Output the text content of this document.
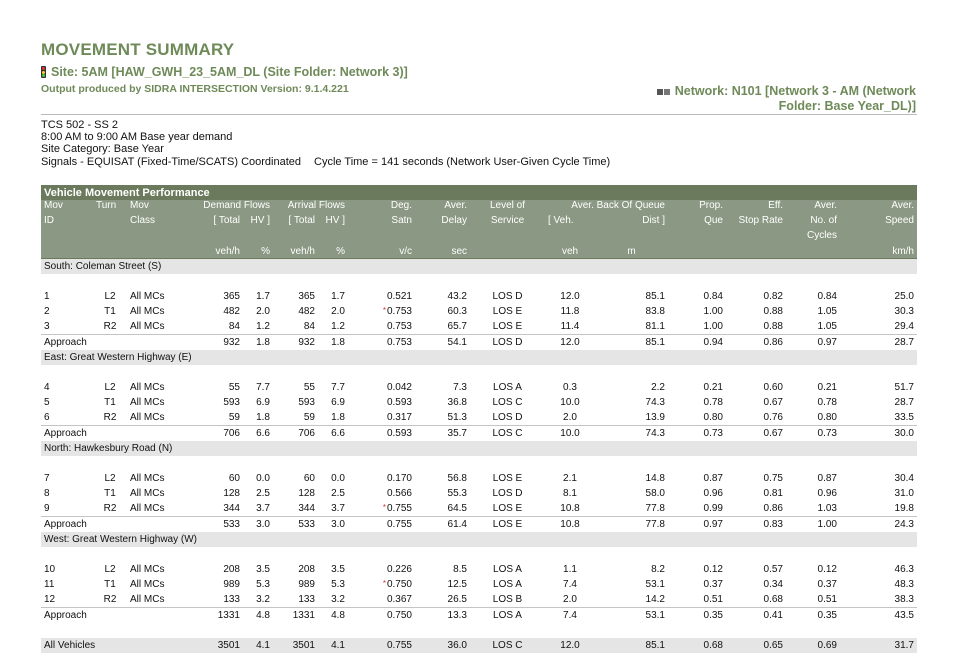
MOVEMENT SUMMARY
Site: 5AM [HAW_GWH_23_5AM_DL (Site Folder: Network 3)]
Output produced by SIDRA INTERSECTION Version: 9.1.4.221	Network: N101 [Network 3 - AM (Network
Folder: Base Year_DL)]
TCS 502 - SS 2
8:00 AM to 9:00 AM Base year demand
Site Category: Base Year
Signals - EQUISAT (Fixed-Time/SCATS) Coordinated Cycle Time = 141 seconds (Network User-Given Cycle Time)
Vehicle Movement Performance															
Mov	Turn	Mov	Demand Flows		Arrival Flows		Deg.	Aver.	Level of	Aver. Back Of Queue		Prop.	Eff.	Aver.	Aver.
ID		Class	[ Total	HV ]	[ Total	HV ]	Satn	Delay	Service	[ Veh.	Dist ]	Que	Stop Rate	No. of	Speed
														Cycles	
			veh/h	%	veh/h	%	v/c	sec		veh	m				km/h
South: Coleman Street (S)															

1	L2	All MCs	365	1.7	365	1.7	0.521	43.2	LOS D	12.0	85.1	0.84	0.82	0.84	25.0
2	T1	All MCs	482	2.0	482	2.0	*0.753	60.3	LOS E	11.8	83.8	1.00	0.88	1.05	30.3
3	R2	All MCs	84	1.2	84	1.2	0.753	65.7	LOS E	11.4	81.1	1.00	0.88	1.05	29.4
Approach			932	1.8	932	1.8	0.753	54.1	LOS D	12.0	85.1	0.94	0.86	0.97	28.7
East: Great Western Highway (E)															

4	L2	All MCs	55	7.7	55	7.7	0.042	7.3	LOS A	0.3	2.2	0.21	0.60	0.21	51.7
5	T1	All MCs	593	6.9	593	6.9	0.593	36.8	LOS C	10.0	74.3	0.78	0.67	0.78	28.7
6	R2	All MCs	59	1.8	59	1.8	0.317	51.3	LOS D	2.0	13.9	0.80	0.76	0.80	33.5
Approach			706	6.6	706	6.6	0.593	35.7	LOS C	10.0	74.3	0.73	0.67	0.73	30.0
North: Hawkesbury Road (N)															

7	L2	All MCs	60	0.0	60	0.0	0.170	56.8	LOS E	2.1	14.8	0.87	0.75	0.87	30.4
8	T1	All MCs	128	2.5	128	2.5	0.566	55.3	LOS D	8.1	58.0	0.96	0.81	0.96	31.0
9	R2	All MCs	344	3.7	344	3.7	*0.755	64.5	LOS E	10.8	77.8	0.99	0.86	1.03	19.8
Approach			533	3.0	533	3.0	0.755	61.4	LOS E	10.8	77.8	0.97	0.83	1.00	24.3
West: Great Western Highway (W)															

10	L2	All MCs	208	3.5	208	3.5	0.226	8.5	LOS A	1.1	8.2	0.12	0.57	0.12	46.3
11	T1	All MCs	989	5.3	989	5.3	*0.750	12.5	LOS A	7.4	53.1	0.37	0.34	0.37	48.3
12	R2	All MCs	133	3.2	133	3.2	0.367	26.5	LOS B	2.0	14.2	0.51	0.68	0.51	38.3
Approach			1331	4.8	1331	4.8	0.750	13.3	LOS A	7.4	53.1	0.35	0.41	0.35	43.5

All Vehicles			3501	4.1	3501	4.1	0.755	36.0	LOS C	12.0	85.1	0.68	0.65	0.69	31.7
